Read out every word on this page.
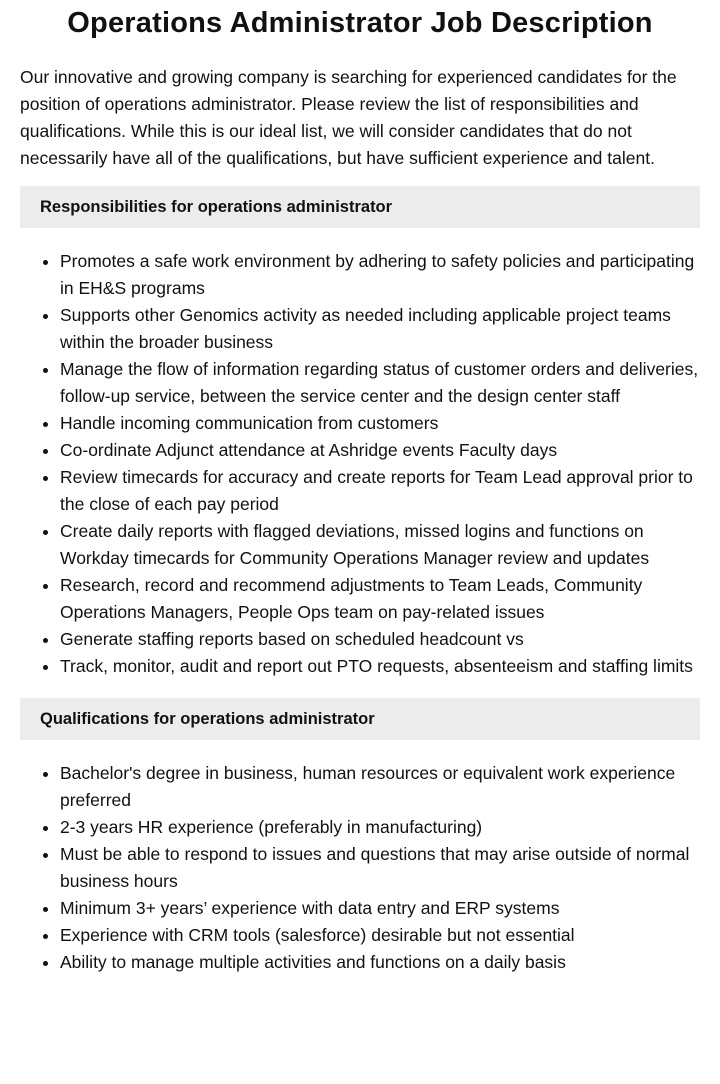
Operations Administrator Job Description

Our innovative and growing company is searching for experienced candidates for the position of operations administrator. Please review the list of responsibilities and qualifications. While this is our ideal list, we will consider candidates that do not necessarily have all of the qualifications, but have sufficient experience and talent.

Responsibilities for operations administrator
• Promotes a safe work environment by adhering to safety policies and participating in EH&S programs
• Supports other Genomics activity as needed including applicable project teams within the broader business
• Manage the flow of information regarding status of customer orders and deliveries, follow-up service, between the service center and the design center staff
• Handle incoming communication from customers
• Co-ordinate Adjunct attendance at Ashridge events Faculty days
• Review timecards for accuracy and create reports for Team Lead approval prior to the close of each pay period
• Create daily reports with flagged deviations, missed logins and functions on Workday timecards for Community Operations Manager review and updates
• Research, record and recommend adjustments to Team Leads, Community Operations Managers, People Ops team on pay-related issues
• Generate staffing reports based on scheduled headcount vs
• Track, monitor, audit and report out PTO requests, absenteeism and staffing limits
Qualifications for operations administrator
• Bachelor's degree in business, human resources or equivalent work experience preferred
• 2-3 years HR experience (preferably in manufacturing)
• Must be able to respond to issues and questions that may arise outside of normal business hours
• Minimum 3+ years’ experience with data entry and ERP systems
• Experience with CRM tools (salesforce) desirable but not essential
• Ability to manage multiple activities and functions on a daily basis
